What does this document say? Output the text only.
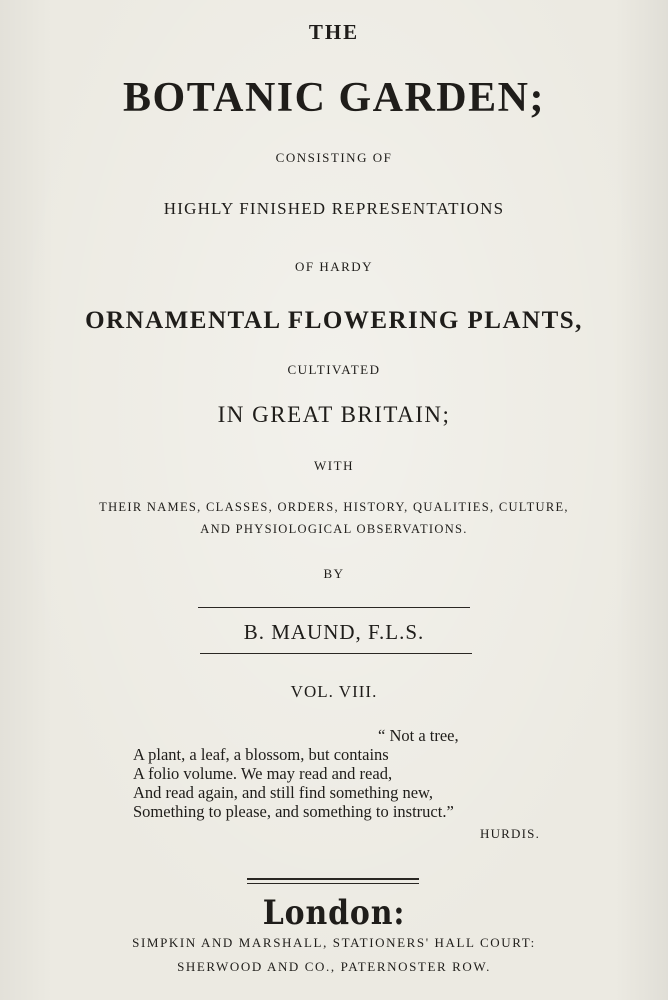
THE
BOTANIC GARDEN;
CONSISTING OF
HIGHLY FINISHED REPRESENTATIONS
OF HARDY
ORNAMENTAL FLOWERING PLANTS,
CULTIVATED
IN GREAT BRITAIN;
WITH
THEIR NAMES, CLASSES, ORDERS, HISTORY, QUALITIES, CULTURE,
AND PHYSIOLOGICAL OBSERVATIONS.
BY
B. MAUND, F.L.S.
VOL. VIII.
“ Not a tree,
A plant, a leaf, a blossom, but contains
A folio volume. We may read and read,
And read again, and still find something new,
Something to please, and something to instruct.”
HURDIS.
London:
SIMPKIN AND MARSHALL, STATIONERS' HALL COURT:
SHERWOOD AND CO., PATERNOSTER ROW.
